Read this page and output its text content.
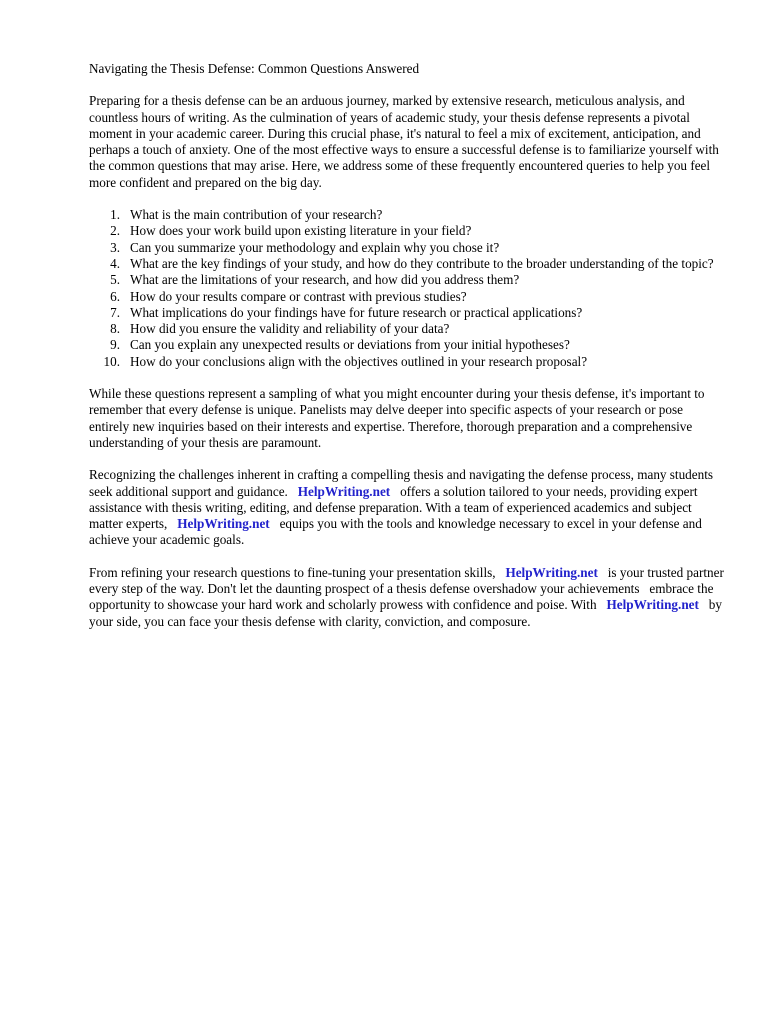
Navigating the Thesis Defense: Common Questions Answered

Preparing for a thesis defense can be an arduous journey, marked by extensive research, meticulous analysis, and countless hours of writing. As the culmination of years of academic study, your thesis defense represents a pivotal moment in your academic career. During this crucial phase, it's natural to feel a mix of excitement, anticipation, and perhaps a touch of anxiety. One of the most effective ways to ensure a successful defense is to familiarize yourself with the common questions that may arise. Here, we address some of these frequently encountered queries to help you feel more confident and prepared on the big day.

What is the main contribution of your research?
How does your work build upon existing literature in your field?
Can you summarize your methodology and explain why you chose it?
What are the key findings of your study, and how do they contribute to the broader understanding of the topic?
What are the limitations of your research, and how did you address them?
How do your results compare or contrast with previous studies?
What implications do your findings have for future research or practical applications?
How did you ensure the validity and reliability of your data?
Can you explain any unexpected results or deviations from your initial hypotheses?
How do your conclusions align with the objectives outlined in your research proposal?

While these questions represent a sampling of what you might encounter during your thesis defense, it's important to remember that every defense is unique. Panelists may delve deeper into specific aspects of your research or pose entirely new inquiries based on their interests and expertise. Therefore, thorough preparation and a comprehensive understanding of your thesis are paramount.

Recognizing the challenges inherent in crafting a compelling thesis and navigating the defense process, many students seek additional support and guidance.   HelpWriting.net   offers a solution tailored to your needs, providing expert assistance with thesis writing, editing, and defense preparation. With a team of experienced academics and subject matter experts,   HelpWriting.net   equips you with the tools and knowledge necessary to excel in your defense and achieve your academic goals.

From refining your research questions to fine-tuning your presentation skills,   HelpWriting.net   is your trusted partner every step of the way. Don't let the daunting prospect of a thesis defense overshadow your achievements   embrace the opportunity to showcase your hard work and scholarly prowess with confidence and poise. With   HelpWriting.net   by your side, you can face your thesis defense with clarity, conviction, and composure.
